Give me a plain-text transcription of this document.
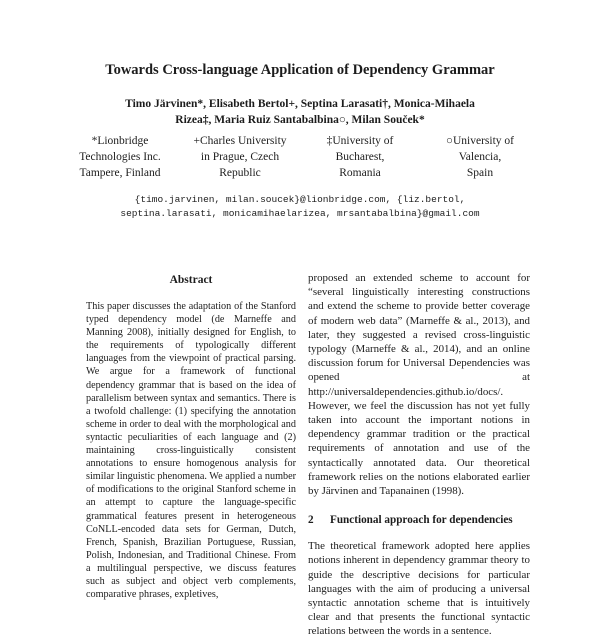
Towards Cross-language Application of Dependency Grammar
Timo Järvinen*, Elisabeth Bertol+, Septina Larasati†, Monica-Mihaela
Rizea‡, Maria Ruiz Santabalbina○, Milan Souček*
*Lionbridge
Technologies Inc.
Tampere, Finland
+Charles University
in Prague, Czech
Republic
‡University of
Bucharest,
Romania
○University of
Valencia,
Spain
{timo.jarvinen, milan.soucek}@lionbridge.com, {liz.bertol,
septina.larasati, monicamihaelarizea, mrsantabalbina}@gmail.com
Abstract
This paper discusses the adaptation of the Stanford typed dependency model (de Marneffe and Manning 2008), initially designed for English, to the requirements of typologically different languages from the viewpoint of practical parsing. We argue for a framework of functional dependency grammar that is based on the idea of parallelism between syntax and semantics. There is a twofold challenge: (1) specifying the annotation scheme in order to deal with the morphological and syntactic peculiarities of each language and (2) maintaining cross-linguistically consistent annotations to ensure homogenous analysis for similar linguistic phenomena. We applied a number of modifications to the original Stanford scheme in an attempt to capture the language-specific grammatical features present in heterogeneous CoNLL-encoded data sets for German, Dutch, French, Spanish, Brazilian Portuguese, Russian, Polish, Indonesian, and Traditional Chinese. From a multilingual perspective, we discuss features such as subject and object verb complements, comparative phrases, expletives,

proposed an extended scheme to account for “several linguistically interesting constructions and extend the scheme to provide better coverage of modern web data” (Marneffe & al., 2013), and later, they suggested a revised cross-linguistic typology (Marneffe & al., 2014), and an online discussion forum for Universal Dependencies was opened at http://universaldependencies.github.io/docs/. However, we feel the discussion has not yet fully taken into account the important notions in dependency grammar tradition or the practical requirements of annotation and use of the syntactically annotated data. Our theoretical framework relies on the notions elaborated earlier by Järvinen and Tapanainen (1998).

2	Functional approach for dependencies

The theoretical framework adopted here applies notions inherent in dependency grammar theory to guide the descriptive decisions for particular languages with the aim of producing a universal syntactic annotation scheme that is intuitively clear and that presents the functional syntactic relations between the words in a sentence.
